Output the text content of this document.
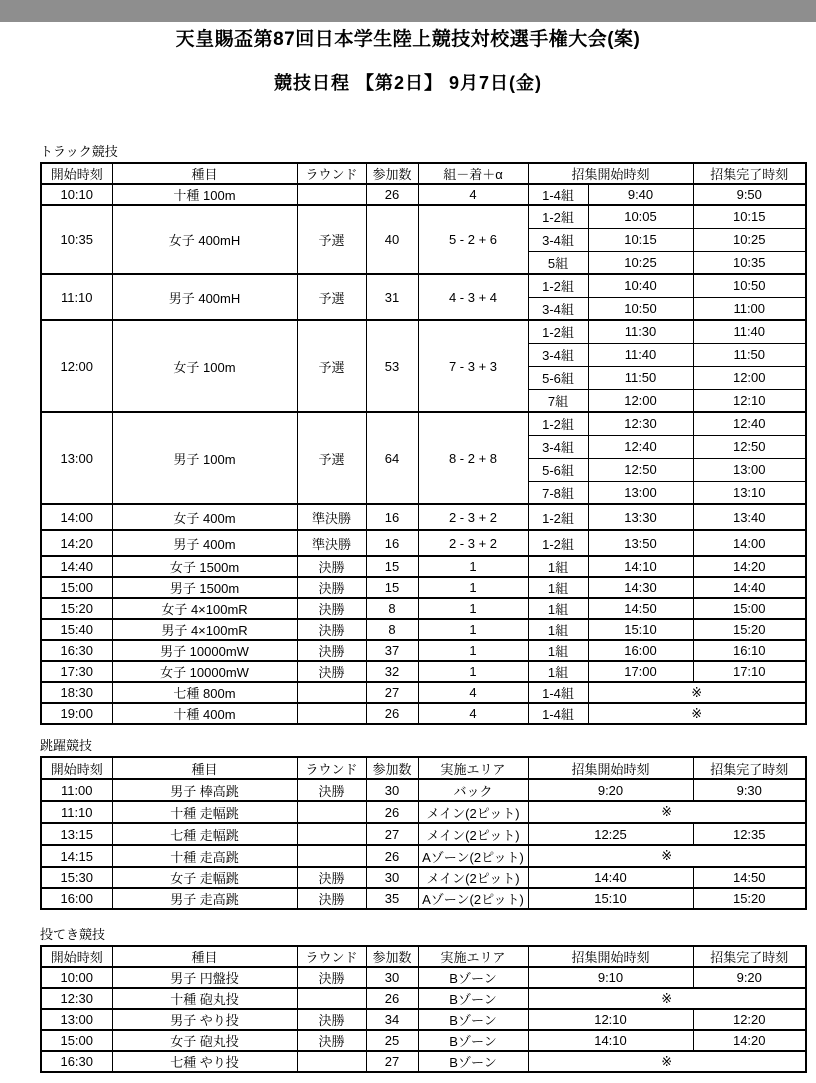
天皇賜盃第87回日本学生陸上競技対校選手権大会(案)
競技日程 【第2日】 9月7日(金)
トラック競技
開始時刻	種目	ラウンド	参加数	組－着＋α	招集開始時刻		招集完了時刻
10:10	十種 100m		26	4	1-4組	9:40	9:50
10:35	女子 400mH	予選	40	5 - 2 + 6	1-2組	10:05	10:15
					3-4組	10:15	10:25
					5組	10:25	10:35
11:10	男子 400mH	予選	31	4 - 3 + 4	1-2組	10:40	10:50
					3-4組	10:50	11:00
12:00	女子 100m	予選	53	7 - 3 + 3	1-2組	11:30	11:40
					3-4組	11:40	11:50
					5-6組	11:50	12:00
					7組	12:00	12:10
13:00	男子 100m	予選	64	8 - 2 + 8	1-2組	12:30	12:40
					3-4組	12:40	12:50
					5-6組	12:50	13:00
					7-8組	13:00	13:10
14:00	女子 400m	準決勝	16	2 - 3 + 2	1-2組	13:30	13:40
14:20	男子 400m	準決勝	16	2 - 3 + 2	1-2組	13:50	14:00
14:40	女子 1500m	決勝	15	1	1組	14:10	14:20
15:00	男子 1500m	決勝	15	1	1組	14:30	14:40
15:20	女子 4×100mR	決勝	8	1	1組	14:50	15:00
15:40	男子 4×100mR	決勝	8	1	1組	15:10	15:20
16:30	男子 10000mW	決勝	37	1	1組	16:00	16:10
17:30	女子 10000mW	決勝	32	1	1組	17:00	17:10
18:30	七種 800m		27	4	1-4組	※	
19:00	十種 400m		26	4	1-4組	※	
跳躍競技
開始時刻	種目	ラウンド	参加数	実施エリア	招集開始時刻	招集完了時刻
11:00	男子 棒高跳	決勝	30	バック	9:20	9:30
11:10	十種 走幅跳		26	メイン(2ピット)	※	
13:15	七種 走幅跳		27	メイン(2ピット)	12:25	12:35
14:15	十種 走高跳		26	Aゾーン(2ピット)	※	
15:30	女子 走幅跳	決勝	30	メイン(2ピット)	14:40	14:50
16:00	男子 走高跳	決勝	35	Aゾーン(2ピット)	15:10	15:20
投てき競技
開始時刻	種目	ラウンド	参加数	実施エリア	招集開始時刻	招集完了時刻
10:00	男子 円盤投	決勝	30	Bゾーン	9:10	9:20
12:30	十種 砲丸投		26	Bゾーン	※	
13:00	男子 やり投	決勝	34	Bゾーン	12:10	12:20
15:00	女子 砲丸投	決勝	25	Bゾーン	14:10	14:20
16:30	七種 やり投		27	Bゾーン	※	
